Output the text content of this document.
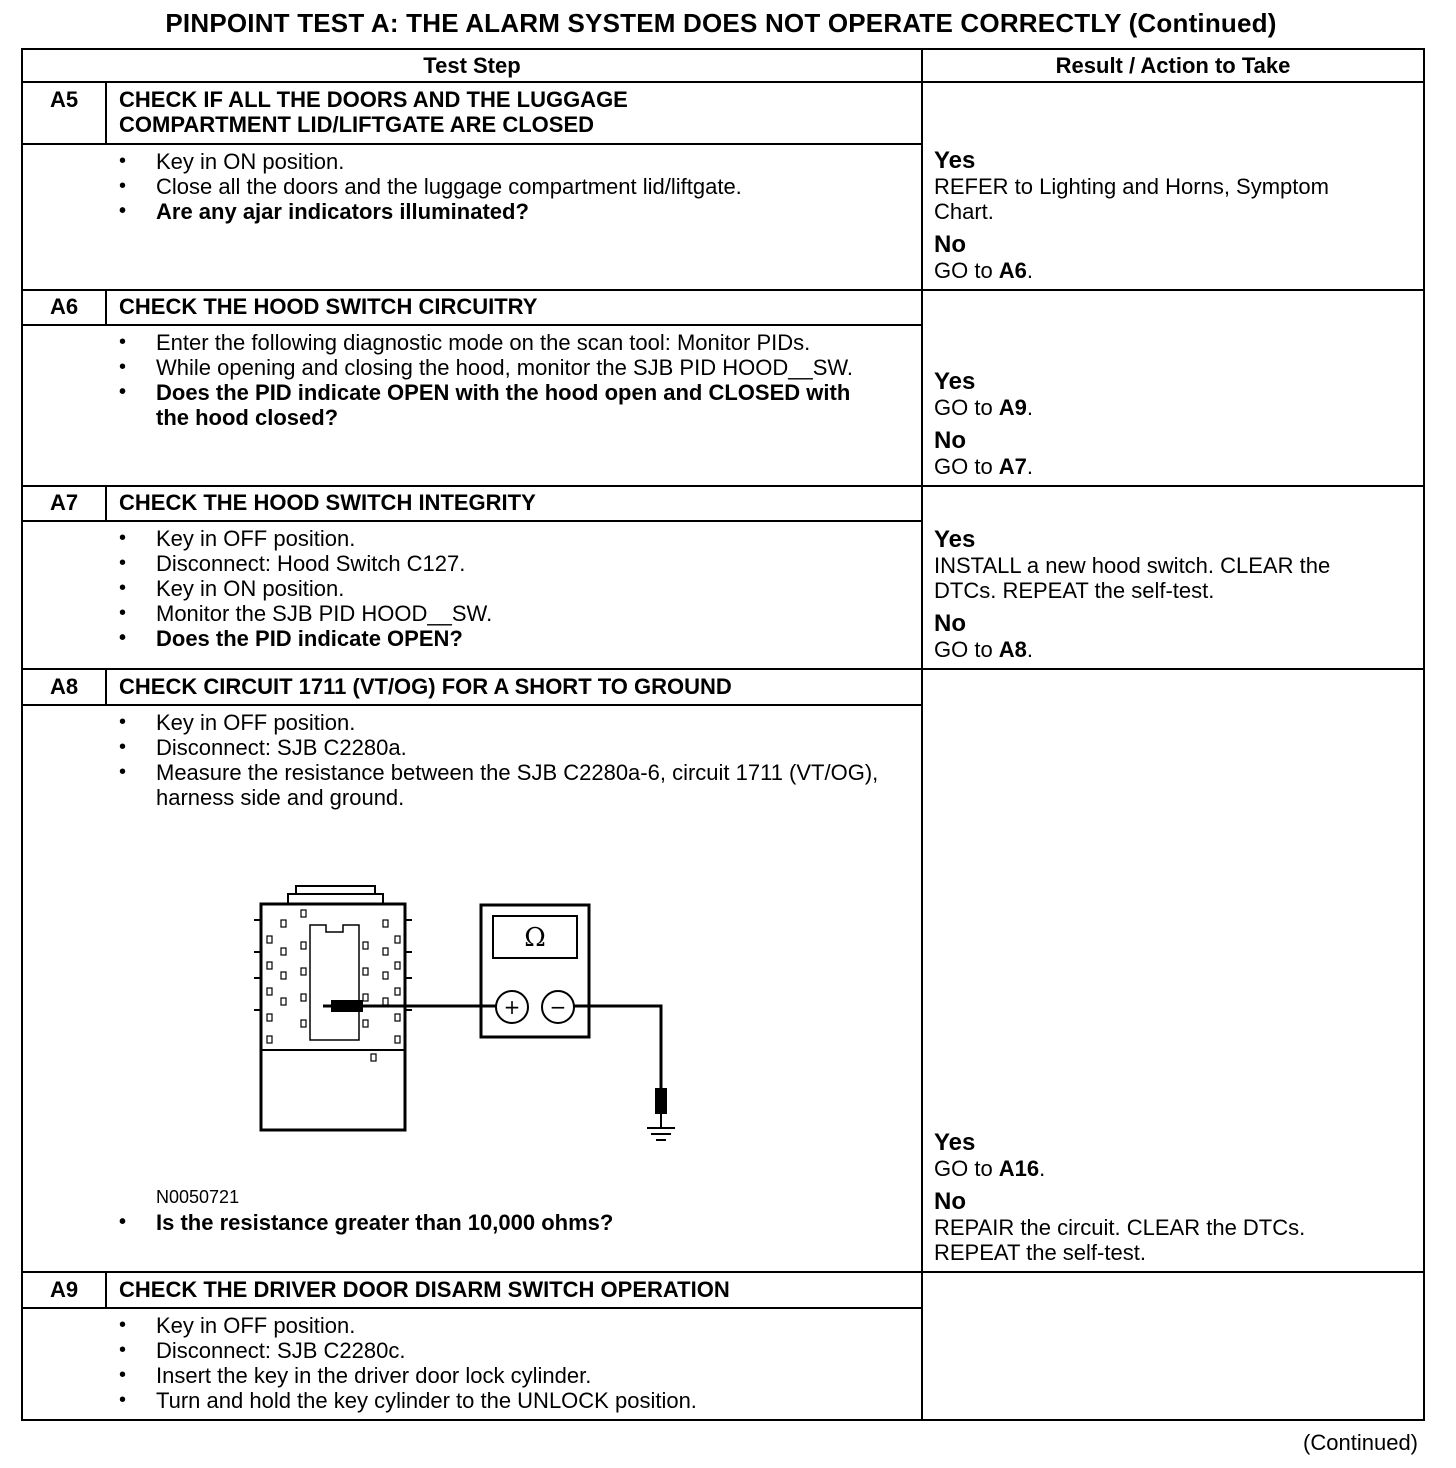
PINPOINT TEST A: THE ALARM SYSTEM DOES NOT OPERATE CORRECTLY (Continued)
Test Step	Result / Action to Take
A5	CHECK IF ALL THE DOORS AND THE LUGGAGE
COMPARTMENT LID/LIFTGATE ARE CLOSED
• Key in ON position.
• Close all the doors and the luggage compartment lid/liftgate.
• Are any ajar indicators illuminated?
Yes
REFER to Lighting and Horns, Symptom
Chart.
No
GO to A6.
A6	CHECK THE HOOD SWITCH CIRCUITRY
• Enter the following diagnostic mode on the scan tool: Monitor PIDs.
• While opening and closing the hood, monitor the SJB PID HOOD__SW.
• Does the PID indicate OPEN with the hood open and CLOSED with the hood closed?
Yes
GO to A9.
No
GO to A7.
A7	CHECK THE HOOD SWITCH INTEGRITY
• Key in OFF position.
• Disconnect: Hood Switch C127.
• Key in ON position.
• Monitor the SJB PID HOOD__SW.
• Does the PID indicate OPEN?
Yes
INSTALL a new hood switch. CLEAR the
DTCs. REPEAT the self-test.
No
GO to A8.
A8	CHECK CIRCUIT 1711 (VT/OG) FOR A SHORT TO GROUND
• Key in OFF position.
• Disconnect: SJB C2280a.
• Measure the resistance between the SJB C2280a-6, circuit 1711 (VT/OG), harness side and ground.
Ω
+ −
N0050721
• Is the resistance greater than 10,000 ohms?
Yes
GO to A16.
No
REPAIR the circuit. CLEAR the DTCs.
REPEAT the self-test.
A9	CHECK THE DRIVER DOOR DISARM SWITCH OPERATION
• Key in OFF position.
• Disconnect: SJB C2280c.
• Insert the key in the driver door lock cylinder.
• Turn and hold the key cylinder to the UNLOCK position.
(Continued)
